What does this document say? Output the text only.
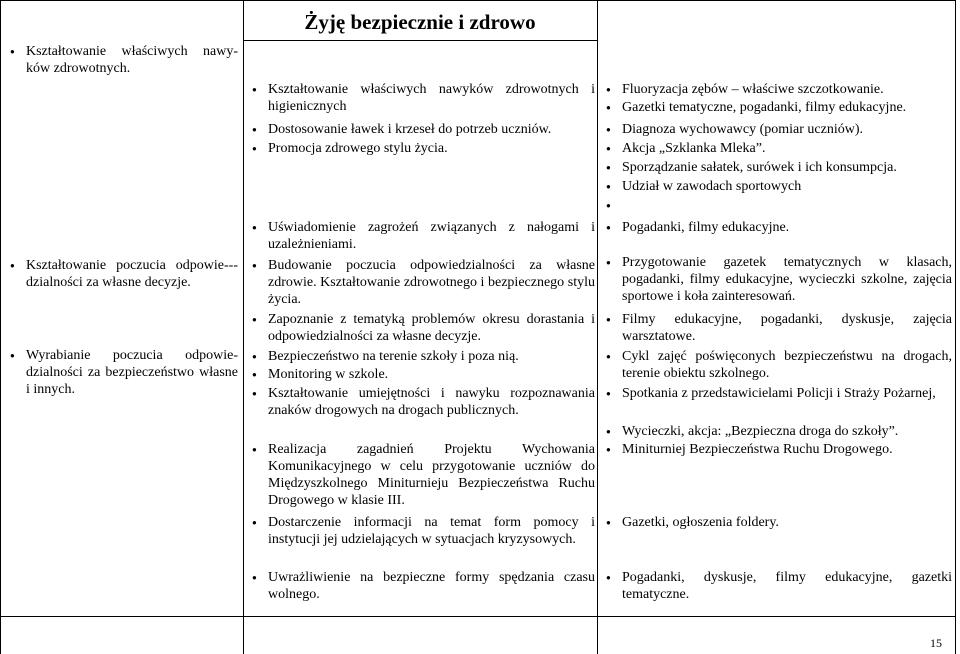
Żyję bezpiecznie i zdrowo
● Kształtowanie właściwych nawy-ków zdrowotnych.
● Kształtowanie poczucia odpowie--- dzialności za własne decyzje.
● Wyrabianie poczucia odpowie-dzialności za bezpieczeństwo własne i innych.
● Kształtowanie właściwych nawyków zdrowotnych i higienicznych
● Dostosowanie ławek i krzeseł do potrzeb uczniów.
● Promocja zdrowego stylu życia.
● Uświadomienie zagrożeń związanych z nałogami i uzależnieniami.
● Budowanie poczucia odpowiedzialności za własne zdrowie. Kształtowanie zdrowotnego i bezpiecznego stylu życia.
● Zapoznanie z tematyką problemów okresu dorastania i odpowiedzialności za własne decyzje.
● Bezpieczeństwo na terenie szkoły i poza nią.
● Monitoring w szkole.
● Kształtowanie umiejętności i nawyku rozpoznawania znaków drogowych na drogach publicznych.
● Realizacja zagadnień Projektu Wychowania Komunikacyjnego w celu przygotowanie uczniów do Międzyszkolnego Miniturnieju Bezpieczeństwa Ruchu Drogowego w klasie III.
● Dostarczenie informacji na temat form pomocy i instytucji jej udzielających w sytuacjach kryzysowych.
● Uwrażliwienie na bezpieczne formy spędzania czasu wolnego.
● Fluoryzacja zębów – właściwe szczotkowanie.
● Gazetki tematyczne, pogadanki, filmy edukacyjne.
● Diagnoza wychowawcy (pomiar uczniów).
● Akcja „Szklanka Mleka”.
● Sporządzanie sałatek, surówek i ich konsumpcja.
● Udział w zawodach sportowych
●
● Pogadanki, filmy edukacyjne.
● Przygotowanie gazetek tematycznych w klasach, pogadanki, filmy edukacyjne, wycieczki szkolne, zajęcia sportowe i koła zainteresowań.
● Filmy edukacyjne, pogadanki, dyskusje, zajęcia warsztatowe.
● Cykl zajęć poświęconych bezpieczeństwu na drogach, terenie obiektu szkolnego.
● Spotkania z przedstawicielami Policji i Straży Pożarnej,
● Wycieczki, akcja: „Bezpieczna droga do szkoły”.
● Miniturniej Bezpieczeństwa Ruchu Drogowego.
● Gazetki, ogłoszenia foldery.
● Pogadanki, dyskusje, filmy edukacyjne, gazetki tematyczne.
15
